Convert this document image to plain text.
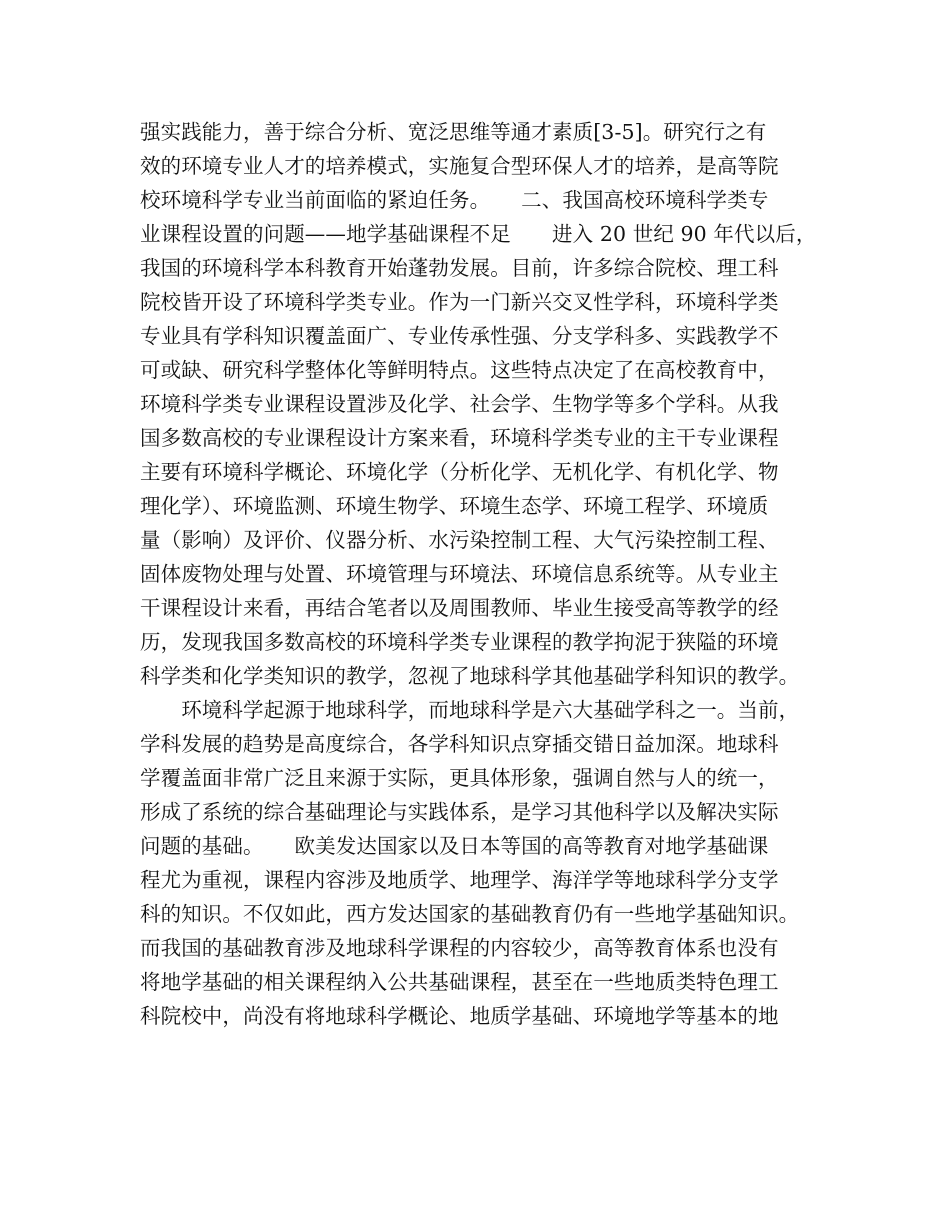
强实践能力，善于综合分析、宽泛思维等通才素质[3-5]。研究行之有
效的环境专业人才的培养模式，实施复合型环保人才的培养，是高等院
校环境科学专业当前面临的紧迫任务。　　二、我国高校环境科学类专
业课程设置的问题——地学基础课程不足　　进入 20 世纪 90 年代以后，
我国的环境科学本科教育开始蓬勃发展。目前，许多综合院校、理工科
院校皆开设了环境科学类专业。作为一门新兴交叉性学科，环境科学类
专业具有学科知识覆盖面广、专业传承性强、分支学科多、实践教学不
可或缺、研究科学整体化等鲜明特点。这些特点决定了在高校教育中，
环境科学类专业课程设置涉及化学、社会学、生物学等多个学科。从我
国多数高校的专业课程设计方案来看，环境科学类专业的主干专业课程
主要有环境科学概论、环境化学（分析化学、无机化学、有机化学、物
理化学）、环境监测、环境生物学、环境生态学、环境工程学、环境质
量（影响）及评价、仪器分析、水污染控制工程、大气污染控制工程、
固体废物处理与处置、环境管理与环境法、环境信息系统等。从专业主
干课程设计来看，再结合笔者以及周围教师、毕业生接受高等教学的经
历，发现我国多数高校的环境科学类专业课程的教学拘泥于狭隘的环境
科学类和化学类知识的教学，忽视了地球科学其他基础学科知识的教学。
　　环境科学起源于地球科学，而地球科学是六大基础学科之一。当前，
学科发展的趋势是高度综合，各学科知识点穿插交错日益加深。地球科
学覆盖面非常广泛且来源于实际，更具体形象，强调自然与人的统一，
形成了系统的综合基础理论与实践体系，是学习其他科学以及解决实际
问题的基础。　　欧美发达国家以及日本等国的高等教育对地学基础课
程尤为重视，课程内容涉及地质学、地理学、海洋学等地球科学分支学
科的知识。不仅如此，西方发达国家的基础教育仍有一些地学基础知识。
而我国的基础教育涉及地球科学课程的内容较少，高等教育体系也没有
将地学基础的相关课程纳入公共基础课程，甚至在一些地质类特色理工
科院校中，尚没有将地球科学概论、地质学基础、环境地学等基本的地
